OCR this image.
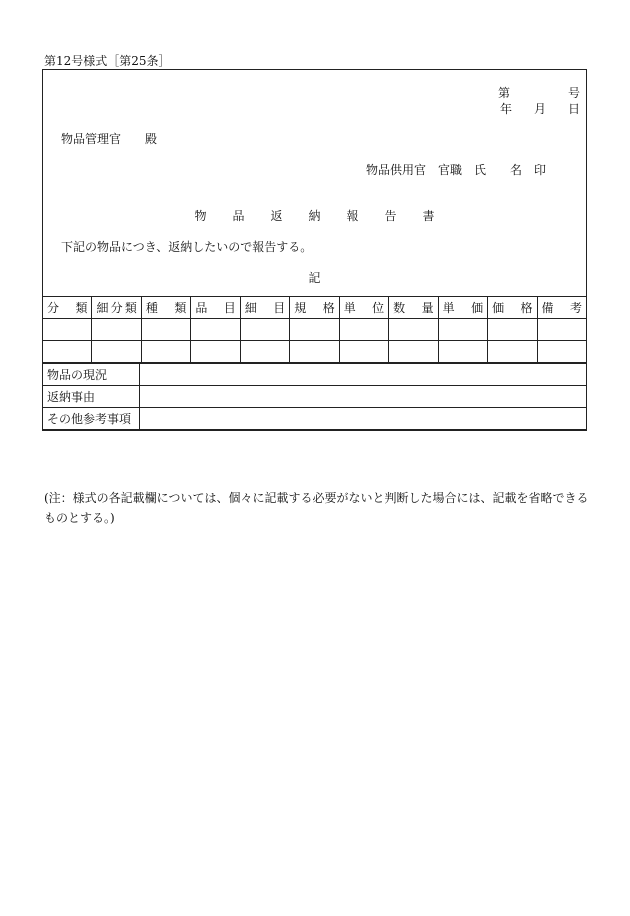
第12号様式［第25条］
第	号
年 月 日
物品管理官　　殿
物品供用官　官職　氏　　名　印
物品返納報告書
下記の物品につき、返納したいので報告する。
記
分類	細分類	種類	品目	細目	規格	単位	数量	単価	価格	備考

物品の現況	
返納事由	
その他参考事項	
(注：様式の各記載欄については、個々に記載する必要がないと判断した場合には、記載を省略できるものとする。)
